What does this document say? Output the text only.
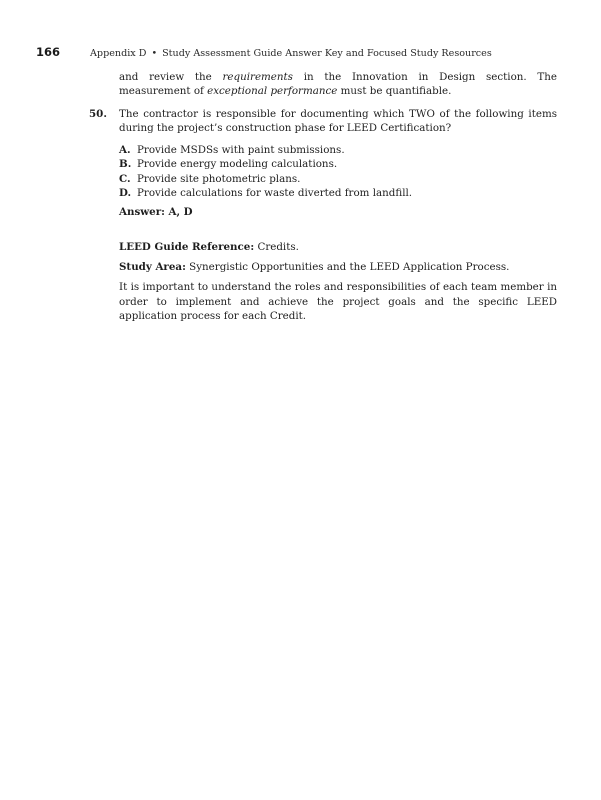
166	Appendix D • Study Assessment Guide Answer Key and Focused Study Resources

and review the requirements in the Innovation in Design section. The measurement of exceptional performance must be quantifiable.

50.	The contractor is responsible for documenting which TWO of the following items during the project’s construction phase for LEED Certification?
A. Provide MSDSs with paint submissions.
B. Provide energy modeling calculations.
C. Provide site photometric plans.
D. Provide calculations for waste diverted from landfill.
Answer: A, D
LEED Guide Reference: Credits.
Study Area: Synergistic Opportunities and the LEED Application Process.

It is important to understand the roles and responsibilities of each team member in order to implement and achieve the project goals and the specific LEED application process for each Credit.
